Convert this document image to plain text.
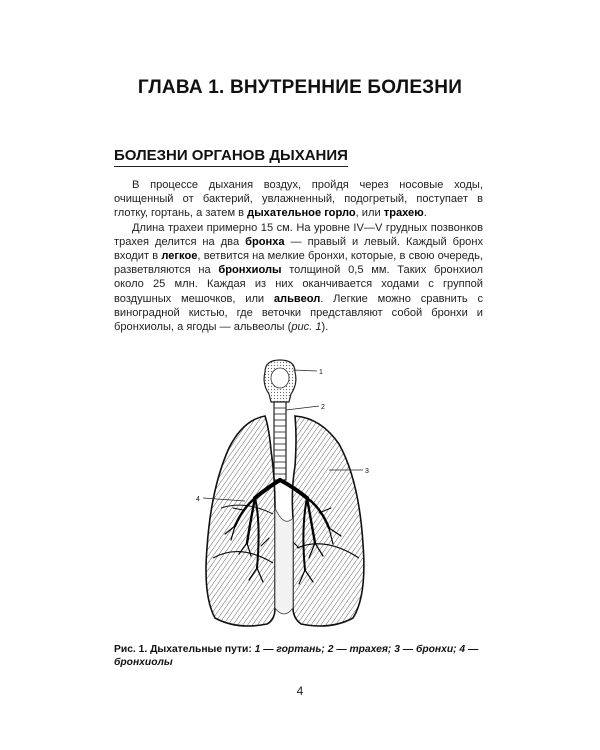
ГЛАВА 1. ВНУТРЕННИЕ БОЛЕЗНИ
БОЛЕЗНИ ОРГАНОВ ДЫХАНИЯ

В процессе дыхания воздух, пройдя через носовые ходы, очищенный от бактерий, увлажненный, подогретый, поступает в глотку, гортань, а затем в дыхательное горло, или трахею.

Длина трахеи примерно 15 см. На уровне IV—V грудных позвонков трахея делится на два бронха — правый и левый. Каждый бронх входит в легкое, ветвится на мелкие бронхи, которые, в свою очередь, разветвляются на бронхиолы толщиной 0,5 мм. Таких бронхиол около 25 млн. Каждая из них оканчивается ходами с группой воздушных мешочков, или альвеол. Легкие можно сравнить с виноградной кистью, где веточки представляют собой бронхи и бронхиолы, а ягоды — альвеолы (рис. 1).

1
2
3
4
Рис. 1. Дыхательные пути: 1 — гортань; 2 — трахея; 3 — бронхи; 4 — бронхиолы
4
